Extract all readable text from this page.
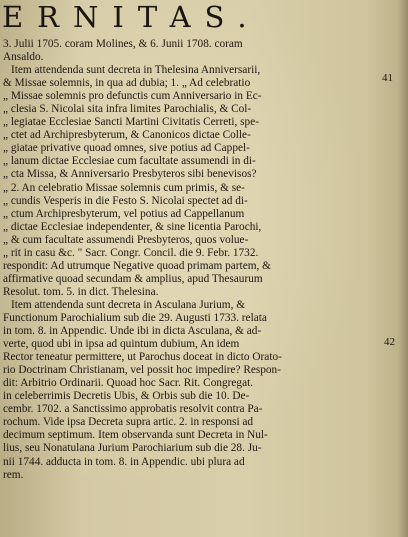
ERNITAS.
41
42
3. Julii 1705. coram Molines, & 6. Junii 1708. coram
Ansaldo.
Item attendenda sunt decreta in Thelesina Anniversarii,
& Missae solemnis, in qua ad dubia; 1. „ Ad celebratio
„ Missae solemnis pro defunctis cum Anniversario in Ec-
„ clesia S. Nicolai sita infra limites Parochialis, & Col-
„ legiatae Ecclesiae Sancti Martini Civitatis Cerreti, spe-
„ ctet ad Archipresbyterum, & Canonicos dictae Colle-
„ giatae privative quoad omnes, sive potius ad Cappel-
„ lanum dictae Ecclesiae cum facultate assumendi in di-
„ cta Missa, & Anniversario Presbyteros sibi benevisos?
„ 2. An celebratio Missae solemnis cum primis, & se-
„ cundis Vesperis in die Festo S. Nicolai spectet ad di-
„ ctum Archipresbyterum, vel potius ad Cappellanum
„ dictae Ecclesiae independenter, & sine licentia Parochi,
„ & cum facultate assumendi Presbyteros, quos volue-
„ rit in casu &c. " Sacr. Congr. Concil. die 9. Febr. 1732.
respondit: Ad utrumque Negative quoad primam partem, &
affirmative quoad secundam & amplius, apud Thesaurum
Resolut. tom. 5. in dict. Thelesina.
Item attendenda sunt decreta in Asculana Jurium, &
Functionum Parochialium sub die 29. Augusti 1733. relata
in tom. 8. in Appendic. Unde ibi in dicta Asculana, & ad-
verte, quod ubi in ipsa ad quintum dubium, An idem
Rector teneatur permittere, ut Parochus doceat in dicto Orato-
rio Doctrinam Christianam, vel possit hoc impedire? Respon-
dit: Arbitrio Ordinarii. Quoad hoc Sacr. Rit. Congregat.
in celeberrimis Decretis Ubis, & Orbis sub die 10. De-
cembr. 1702. a Sanctissimo approbatis resolvit contra Pa-
rochum. Vide ipsa Decreta supra artic. 2. in responsi ad
decimum septimum. Item observanda sunt Decreta in Nul-
lius, seu Nonatulana Jurium Parochiarium sub die 28. Ju-
nii 1744. adducta in tom. 8. in Appendic. ubi plura ad
rem.
